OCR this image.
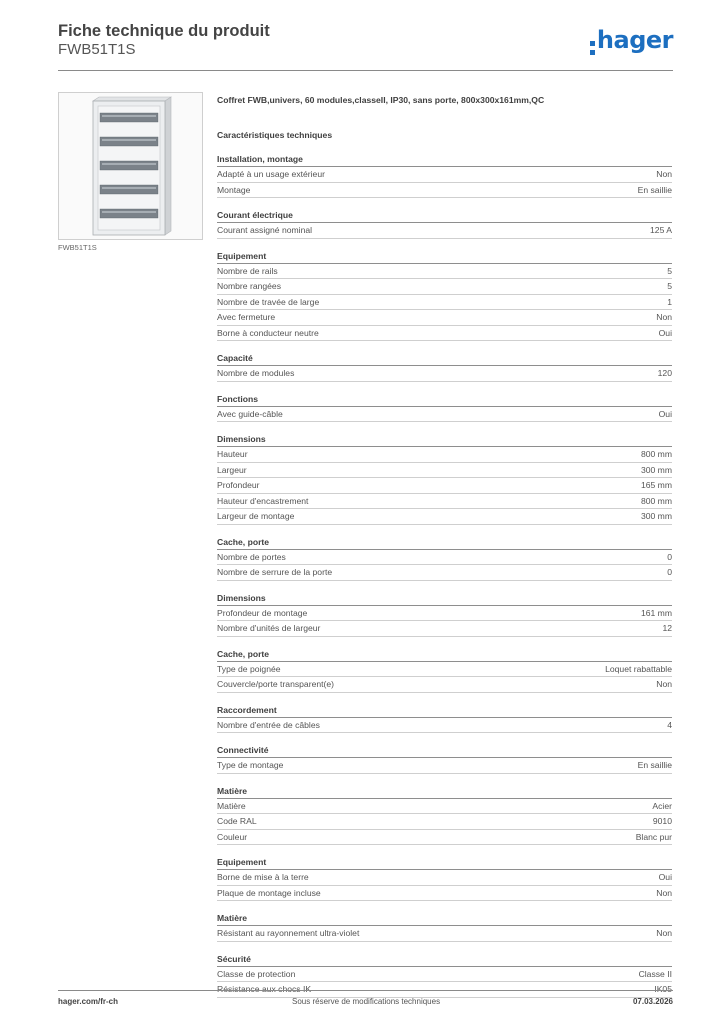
Fiche technique du produit
FWB51T1S	hager
FWB51T1S

Coffret FWB,univers, 60 modules,classeII, IP30, sans porte, 800x300x161mm,QC

Caractéristiques techniques
Installation, montage
Adapté à un usage extérieur	Non
Montage	En saillie
Courant électrique
Courant assigné nominal	125 A
Equipement
Nombre de rails	5
Nombre rangées	5
Nombre de travée de large	1
Avec fermeture	Non
Borne à conducteur neutre	Oui
Capacité
Nombre de modules	120
Fonctions
Avec guide-câble	Oui
Dimensions
Hauteur	800 mm
Largeur	300 mm
Profondeur	165 mm
Hauteur d'encastrement	800 mm
Largeur de montage	300 mm
Cache, porte
Nombre de portes	0
Nombre de serrure de la porte	0
Dimensions
Profondeur de montage	161 mm
Nombre d'unités de largeur	12
Cache, porte
Type de poignée	Loquet rabattable
Couvercle/porte transparent(e)	Non
Raccordement
Nombre d'entrée de câbles	4
Connectivité
Type de montage	En saillie
Matière
Matière	Acier
Code RAL	9010
Couleur	Blanc pur
Equipement
Borne de mise à la terre	Oui
Plaque de montage incluse	Non
Matière
Résistant au rayonnement ultra-violet	Non
Sécurité
Classe de protection	Classe II
Résistance aux chocs IK	IK05
hager.com/fr-ch	Sous réserve de modifications techniques	07.03.2026
